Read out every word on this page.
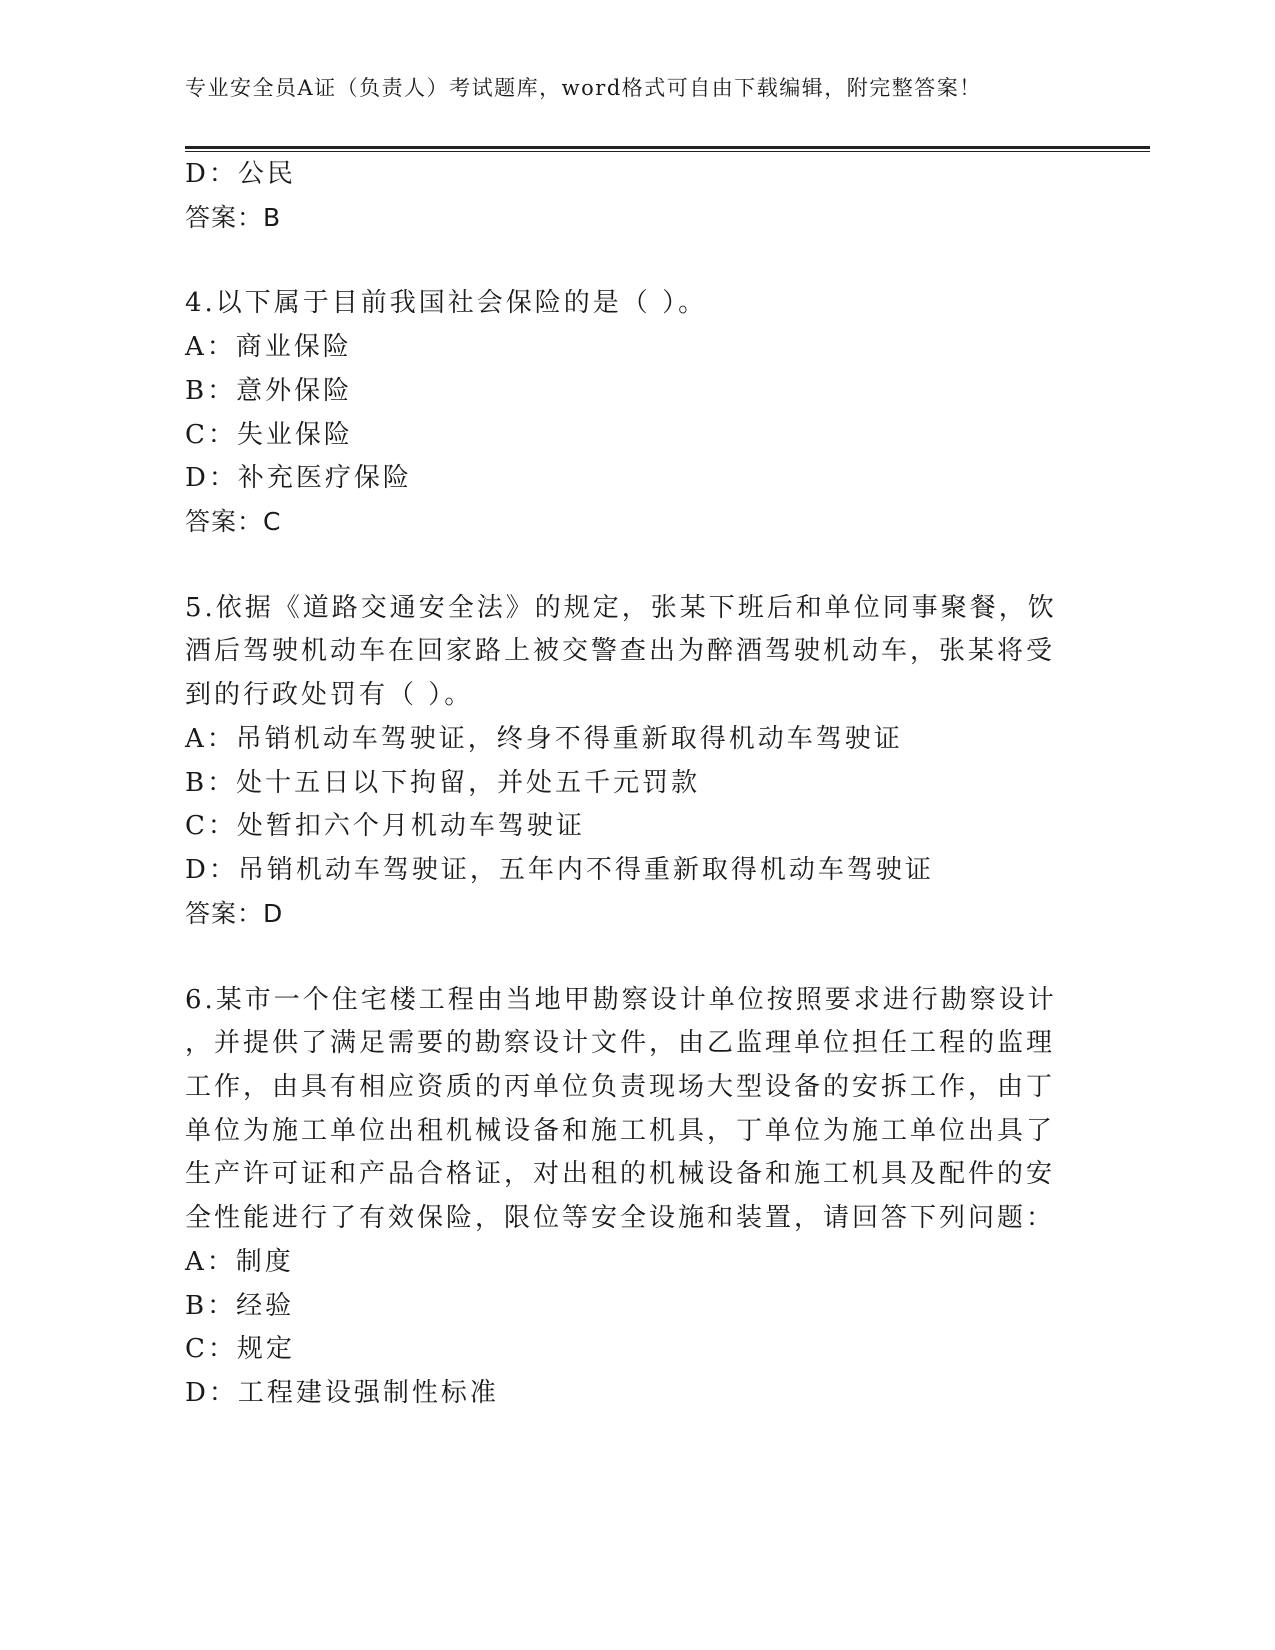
专业安全员A证（负责人）考试题库，word格式可自由下载编辑，附完整答案！
D：公民
答案：B
4.以下属于目前我国社会保险的是（ ）。
A：商业保险
B：意外保险
C：失业保险
D：补充医疗保险
答案：C
5.依据《道路交通安全法》的规定，张某下班后和单位同事聚餐，饮
酒后驾驶机动车在回家路上被交警查出为醉酒驾驶机动车，张某将受
到的行政处罚有（ ）。
A：吊销机动车驾驶证，终身不得重新取得机动车驾驶证
B：处十五日以下拘留，并处五千元罚款
C：处暂扣六个月机动车驾驶证
D：吊销机动车驾驶证，五年内不得重新取得机动车驾驶证
答案：D
6.某市一个住宅楼工程由当地甲勘察设计单位按照要求进行勘察设计
，并提供了满足需要的勘察设计文件，由乙监理单位担任工程的监理
工作，由具有相应资质的丙单位负责现场大型设备的安拆工作，由丁
单位为施工单位出租机械设备和施工机具，丁单位为施工单位出具了
生产许可证和产品合格证，对出租的机械设备和施工机具及配件的安
全性能进行了有效保险，限位等安全设施和装置，请回答下列问题：
A：制度
B：经验
C：规定
D：工程建设强制性标准
